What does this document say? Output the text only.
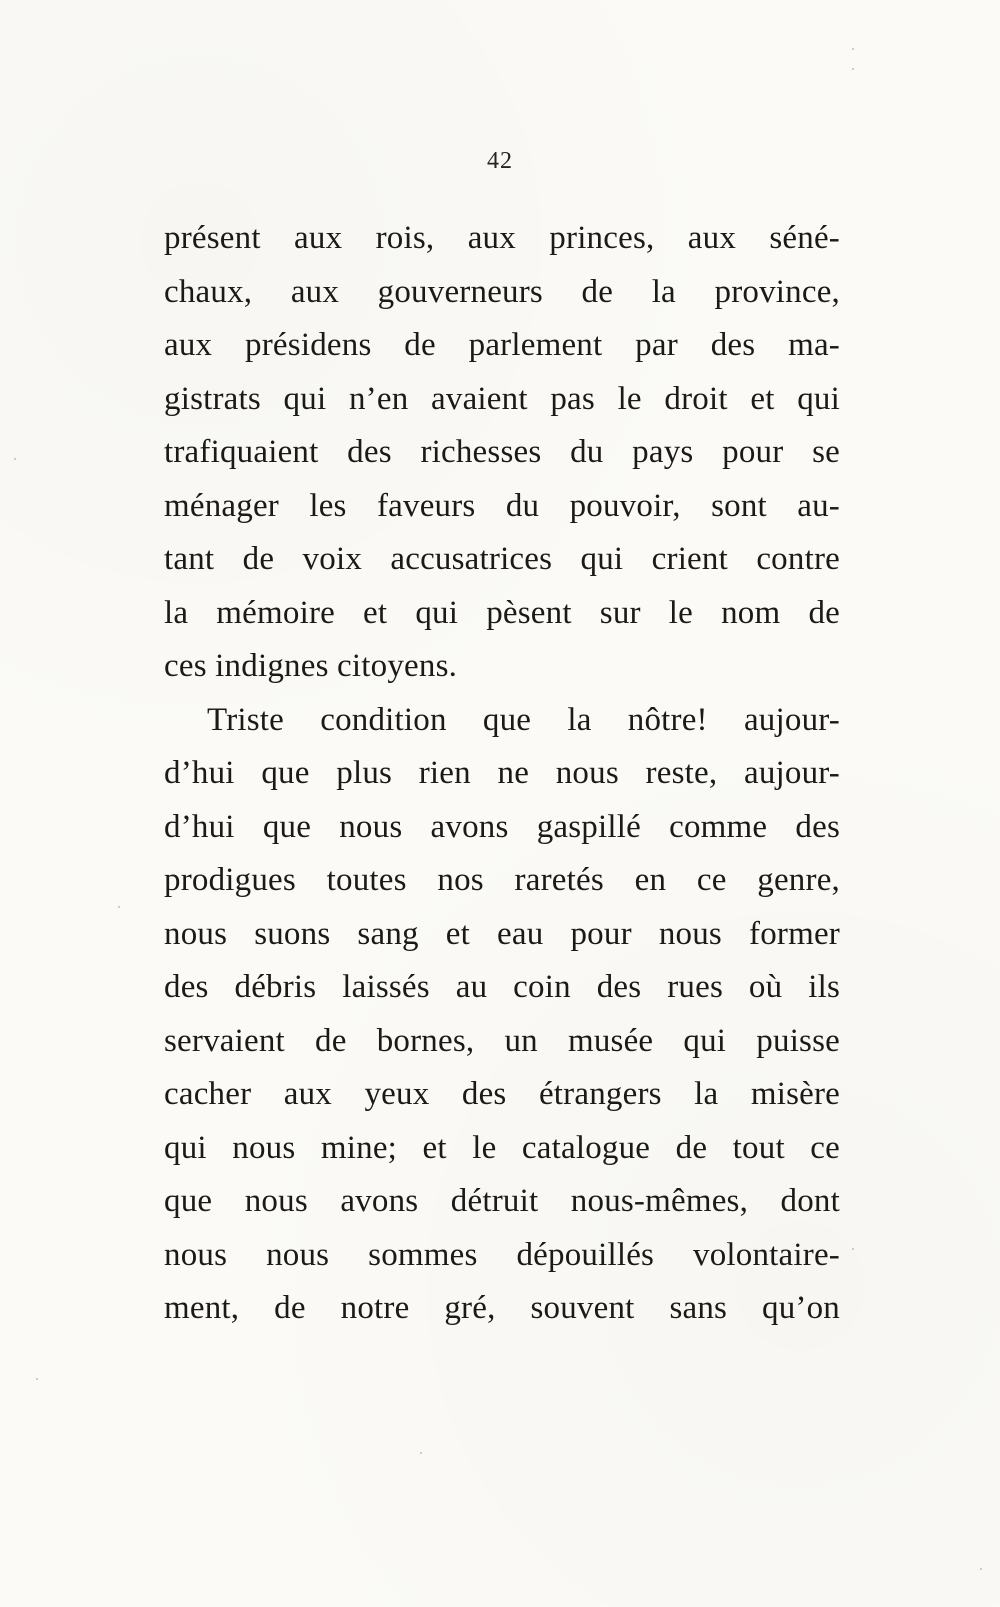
42
présent aux rois, aux princes, aux séné-
chaux, aux gouverneurs de la province,
aux présidens de parlement par des ma-
gistrats qui n’en avaient pas le droit et qui
trafiquaient des richesses du pays pour se
ménager les faveurs du pouvoir, sont au-
tant de voix accusatrices qui crient contre
la mémoire et qui pèsent sur le nom de
ces indignes citoyens.
Triste condition que la nôtre! aujour-
d’hui que plus rien ne nous reste, aujour-
d’hui que nous avons gaspillé comme des
prodigues toutes nos raretés en ce genre,
nous suons sang et eau pour nous former
des débris laissés au coin des rues où ils
servaient de bornes, un musée qui puisse
cacher aux yeux des étrangers la misère
qui nous mine; et le catalogue de tout ce
que nous avons détruit nous-mêmes, dont
nous nous sommes dépouillés volontaire-
ment, de notre gré, souvent sans qu’on
